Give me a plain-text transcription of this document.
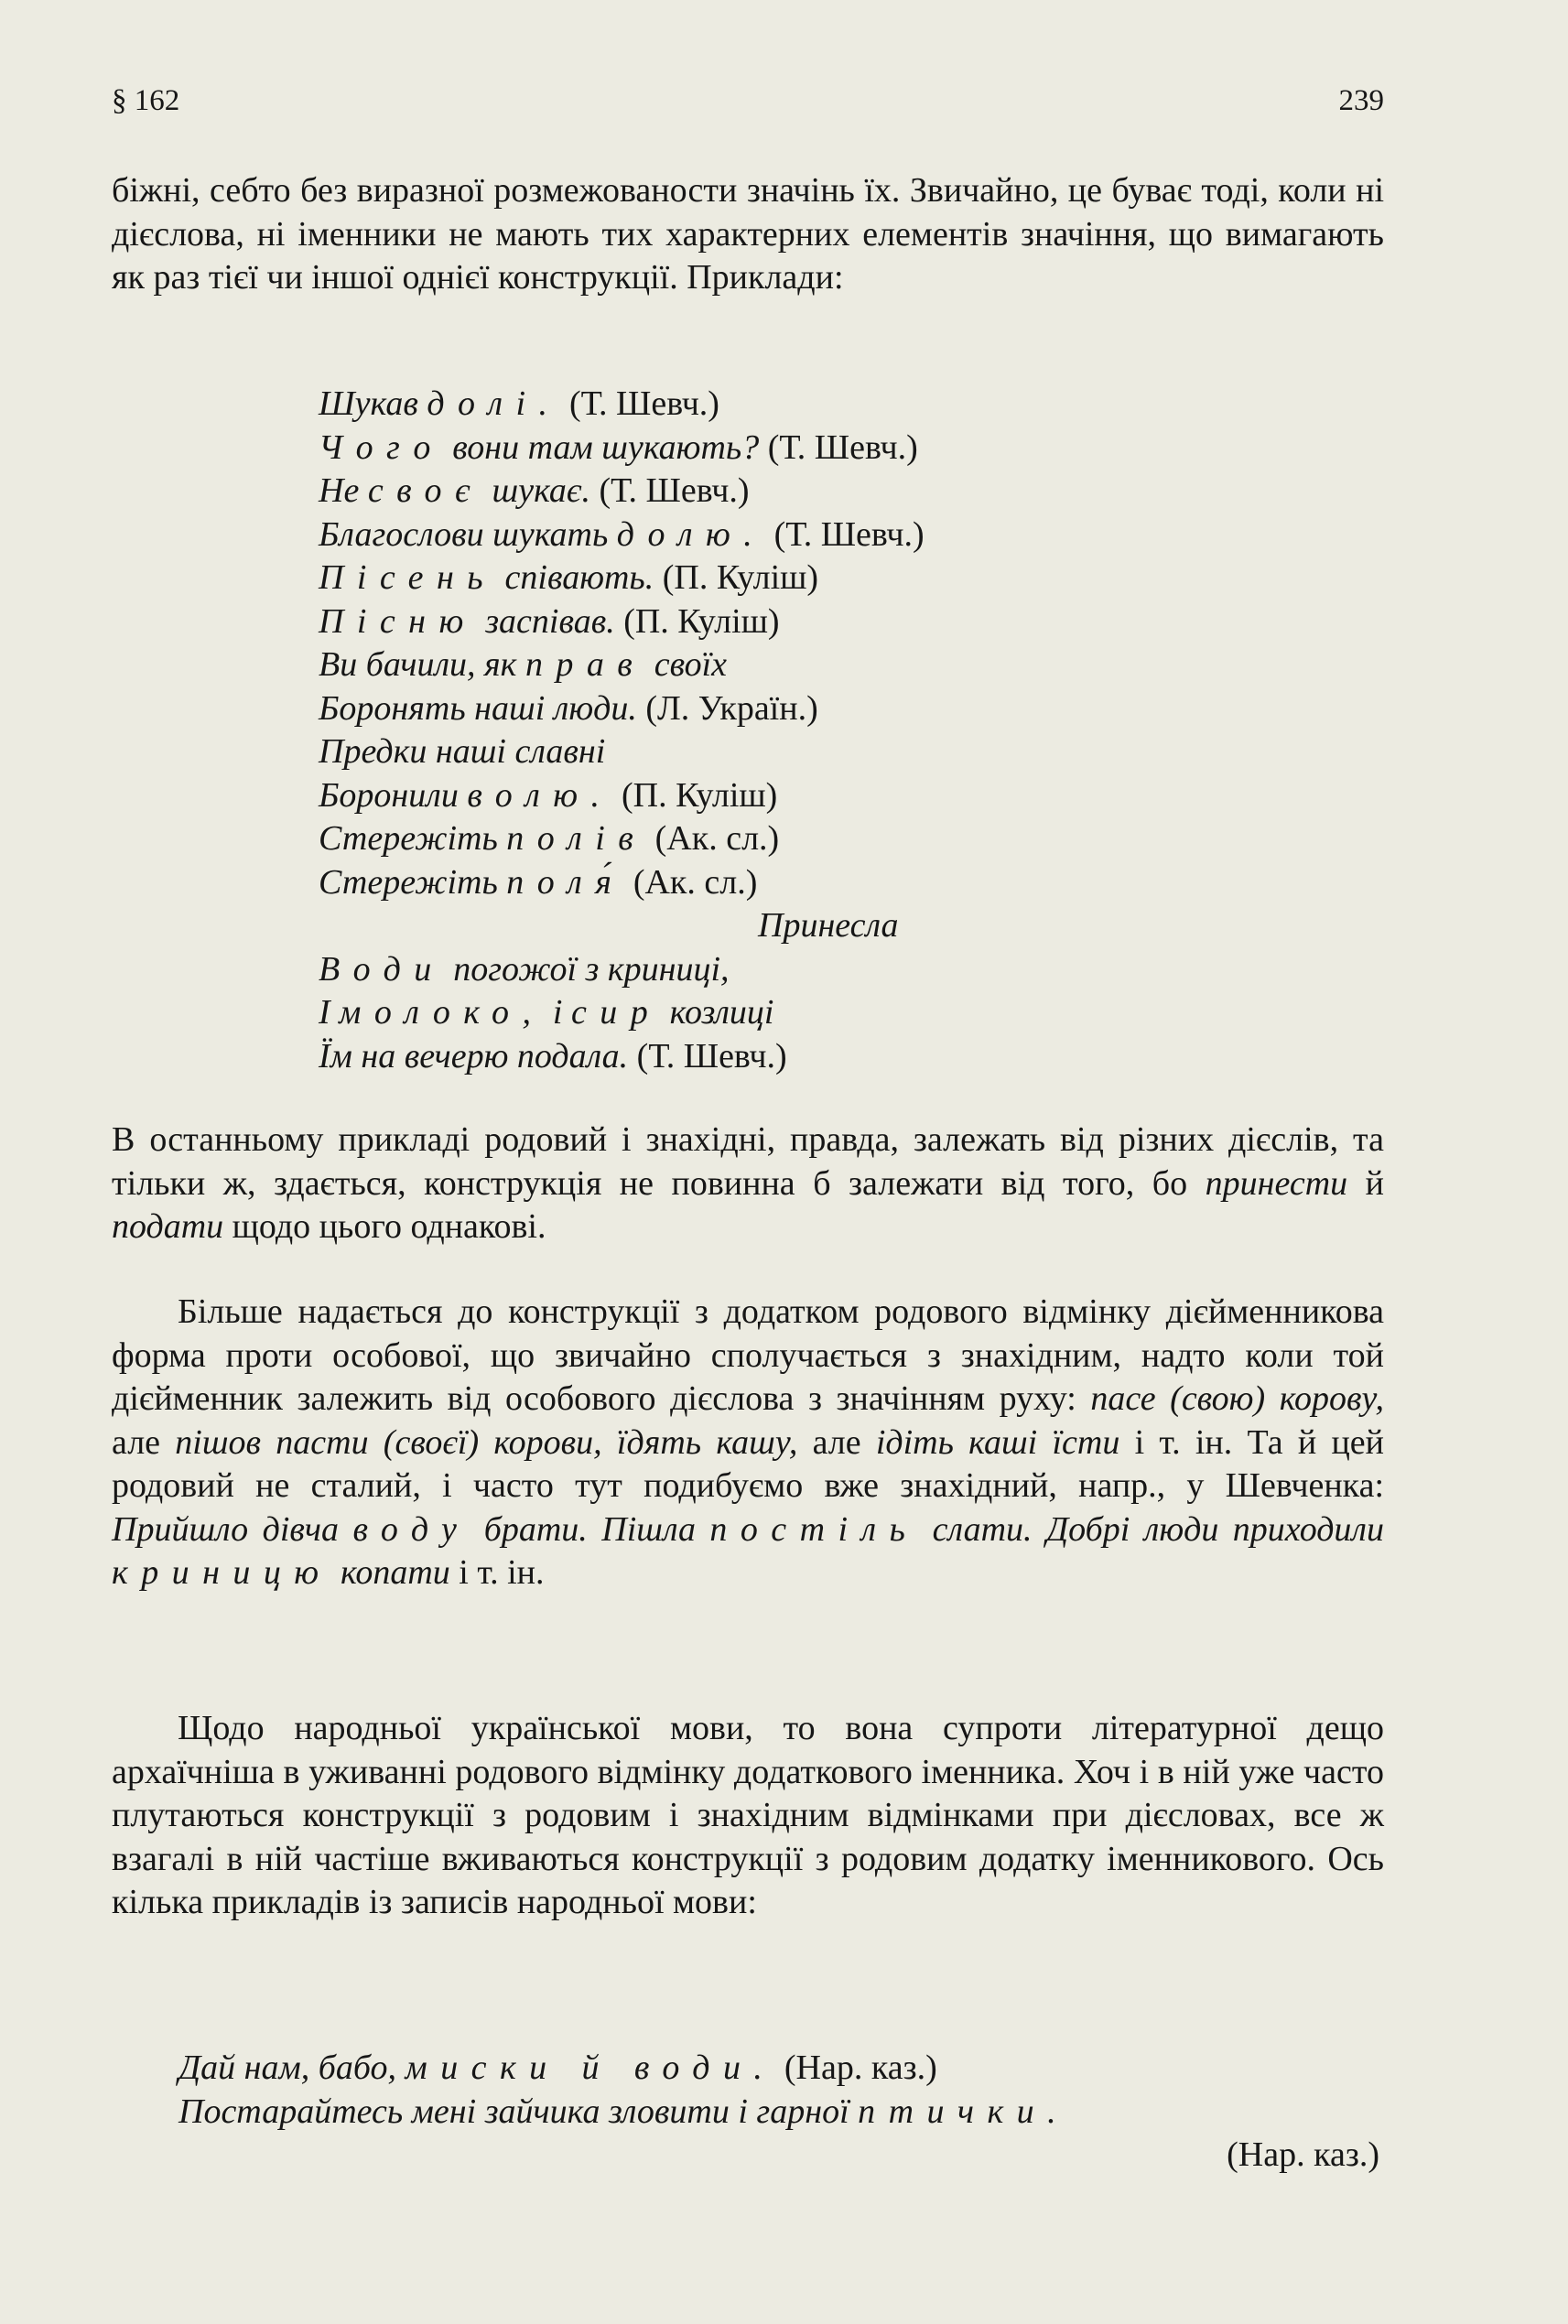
§ 162	239

біжні, себто без виразної розмежованости значінь їх. Звичайно, це буває тоді, коли ні дієслова, ні іменники не мають тих характерних елементів значіння, що вимагають як раз тієї чи іншої однієї конструкції. Приклади:

Шукав долі. (Т. Шевч.)
Чого вони там шукають? (Т. Шевч.)
Не своє шукає. (Т. Шевч.)
Благослови шукать долю. (Т. Шевч.)
Пісень співають. (П. Куліш)
Пісню заспівав. (П. Куліш)
Ви бачили, як прав своїх
Боронять наші люди. (Л. Україн.)
Предки наші славні
Боронили волю. (П. Куліш)
Стережіть полів (Ак. сл.)
Стережіть поля́ (Ак. сл.)
Принесла
Води погожої з криниці,
І молоко, і сир козлиці
Їм на вечерю подала. (Т. Шевч.)

В останньому прикладі родовий і знахідні, правда, залежать від різних дієслів, та тільки ж, здається, конструкція не повинна б залежати від того, бо принести й подати щодо цього однакові.

Більше надається до конструкції з додатком родового відмінку дієйменникова форма проти особової, що звичайно сполучається з знахідним, надто коли той дієйменник залежить від особового дієслова з значінням руху: пасе (свою) корову, але пішов пасти (своєї) корови, їдять кашу, але ідіть каші їсти і т. ін. Та й цей родовий не сталий, і часто тут подибуємо вже знахідний, напр., у Шевченка: Прийшло дівча воду брати. Пішла постіль слати. Добрі люди приходили криницю копати і т. ін.

Щодо народньої української мови, то вона супроти літературної дещо архаїчніша в уживанні родового відмінку додаткового іменника. Хоч і в ній уже часто плутаються конструкції з родовим і знахідним відмінками при дієсловах, все ж взагалі в ній частіше вживаються конструкції з родовим додатку іменникового. Ось кілька прикладів із записів народньої мови:

Дай нам, бабо, миски й води. (Нар. каз.)
Постарайтесь мені зайчика зловити і гарної птички.
(Нар. каз.)
